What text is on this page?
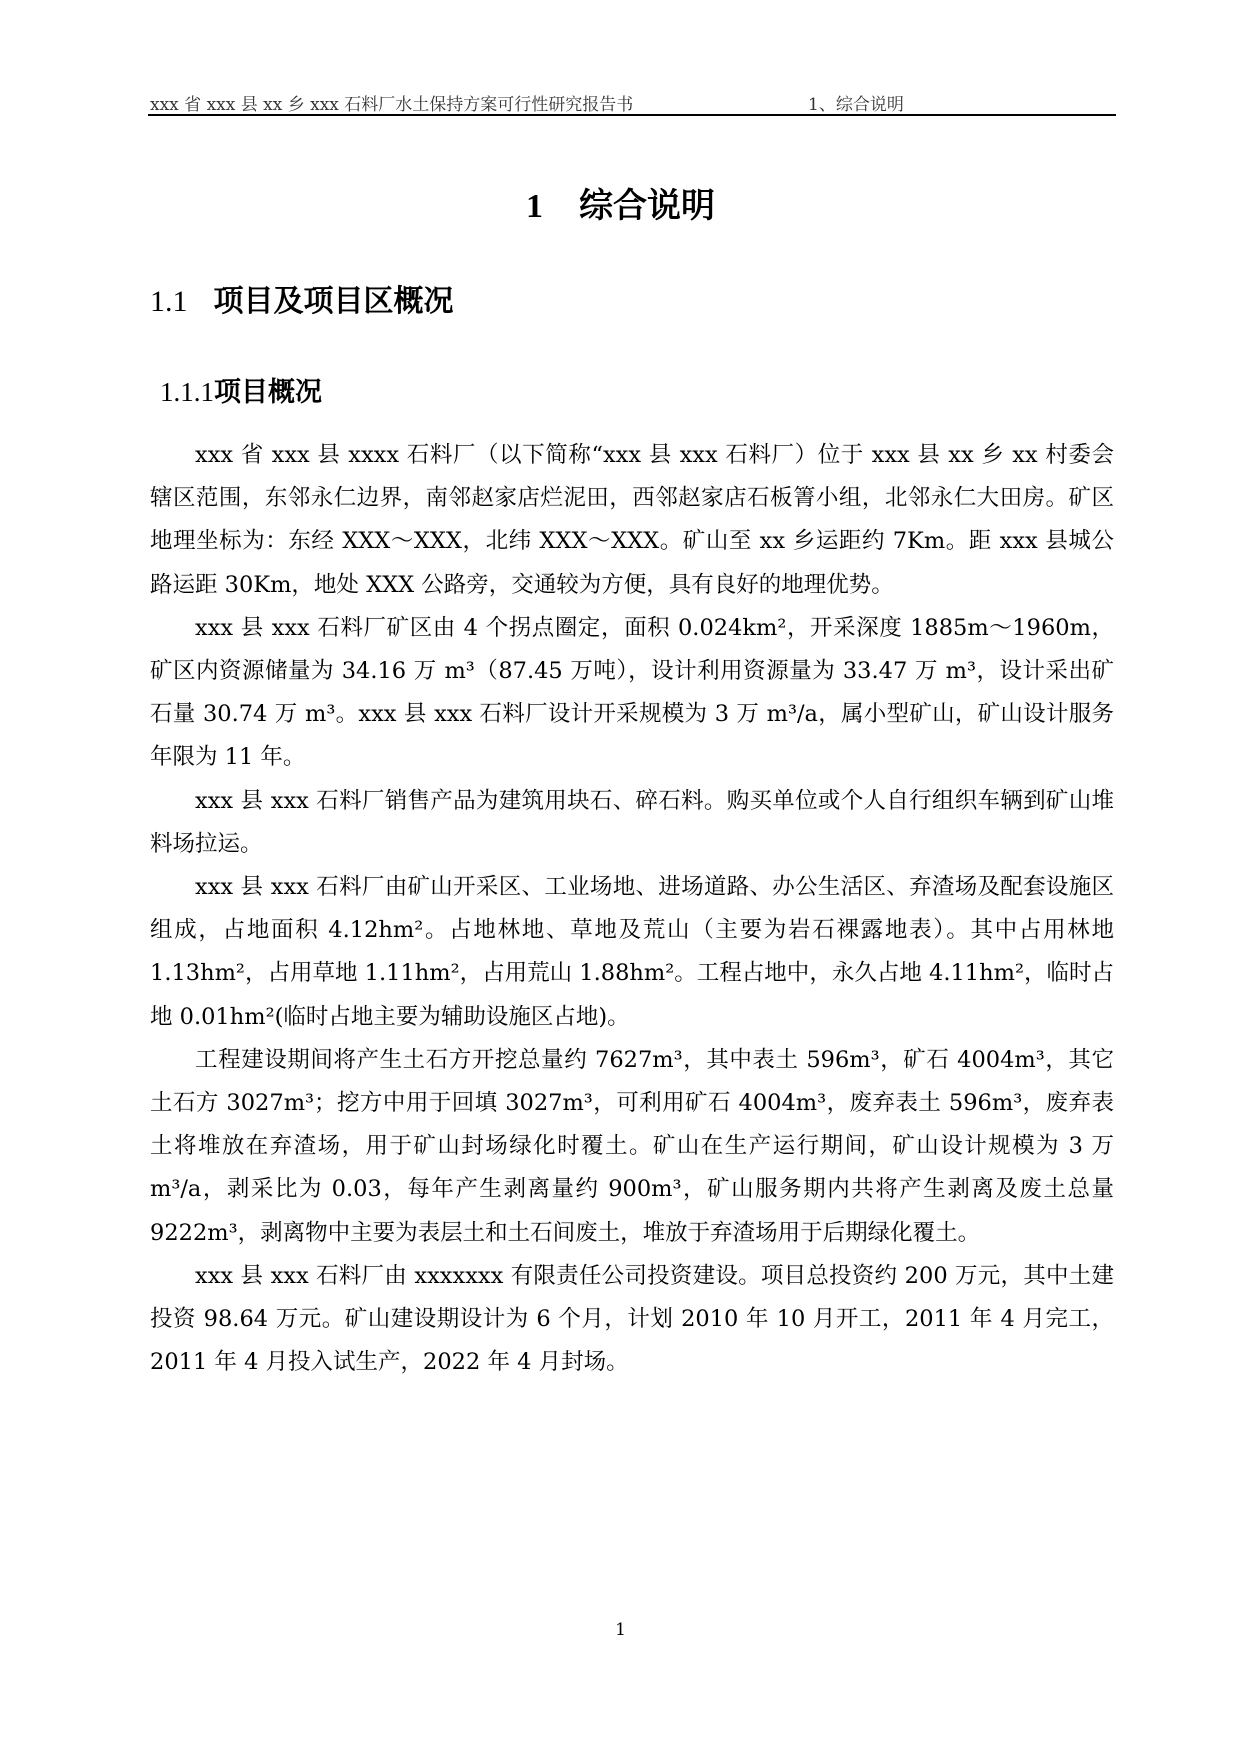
xxx 省 xxx 县 xx 乡 xxx 石料厂水土保持方案可行性研究报告书	1、综合说明
1 综合说明
1.1 项目及项目区概况
1.1.1项目概况

xxx 省 xxx 县 xxxx 石料厂（以下简称“xxx 县 xxx 石料厂）位于 xxx 县 xx 乡 xx 村委会辖区范围，东邻永仁边界，南邻赵家店烂泥田，西邻赵家店石板箐小组，北邻永仁大田房。矿区地理坐标为：东经 XXX～XXX，北纬 XXX～XXX。矿山至 xx 乡运距约 7Km。距 xxx 县城公路运距 30Km，地处 XXX 公路旁，交通较为方便，具有良好的地理优势。

xxx 县 xxx 石料厂矿区由 4 个拐点圈定，面积 0.024km²，开采深度 1885m～1960m，矿区内资源储量为 34.16 万 m³（87.45 万吨），设计利用资源量为 33.47 万 m³，设计采出矿石量 30.74 万 m³。xxx 县 xxx 石料厂设计开采规模为 3 万 m³/a，属小型矿山，矿山设计服务年限为 11 年。

xxx 县 xxx 石料厂销售产品为建筑用块石、碎石料。购买单位或个人自行组织车辆到矿山堆料场拉运。

xxx 县 xxx 石料厂由矿山开采区、工业场地、进场道路、办公生活区、弃渣场及配套设施区组成，占地面积 4.12hm²。占地林地、草地及荒山（主要为岩石裸露地表）。其中占用林地 1.13hm²，占用草地 1.11hm²，占用荒山 1.88hm²。工程占地中，永久占地 4.11hm²，临时占地 0.01hm²(临时占地主要为辅助设施区占地)。

工程建设期间将产生土石方开挖总量约 7627m³，其中表土 596m³，矿石 4004m³，其它土石方 3027m³；挖方中用于回填 3027m³，可利用矿石 4004m³，废弃表土 596m³，废弃表土将堆放在弃渣场，用于矿山封场绿化时覆土。矿山在生产运行期间，矿山设计规模为 3 万 m³/a，剥采比为 0.03，每年产生剥离量约 900m³，矿山服务期内共将产生剥离及废土总量 9222m³，剥离物中主要为表层土和土石间废土，堆放于弃渣场用于后期绿化覆土。

xxx 县 xxx 石料厂由 xxxxxxx 有限责任公司投资建设。项目总投资约 200 万元，其中土建投资 98.64 万元。矿山建设期设计为 6 个月，计划 2010 年 10 月开工，2011 年 4 月完工，2011 年 4 月投入试生产，2022 年 4 月封场。

1
